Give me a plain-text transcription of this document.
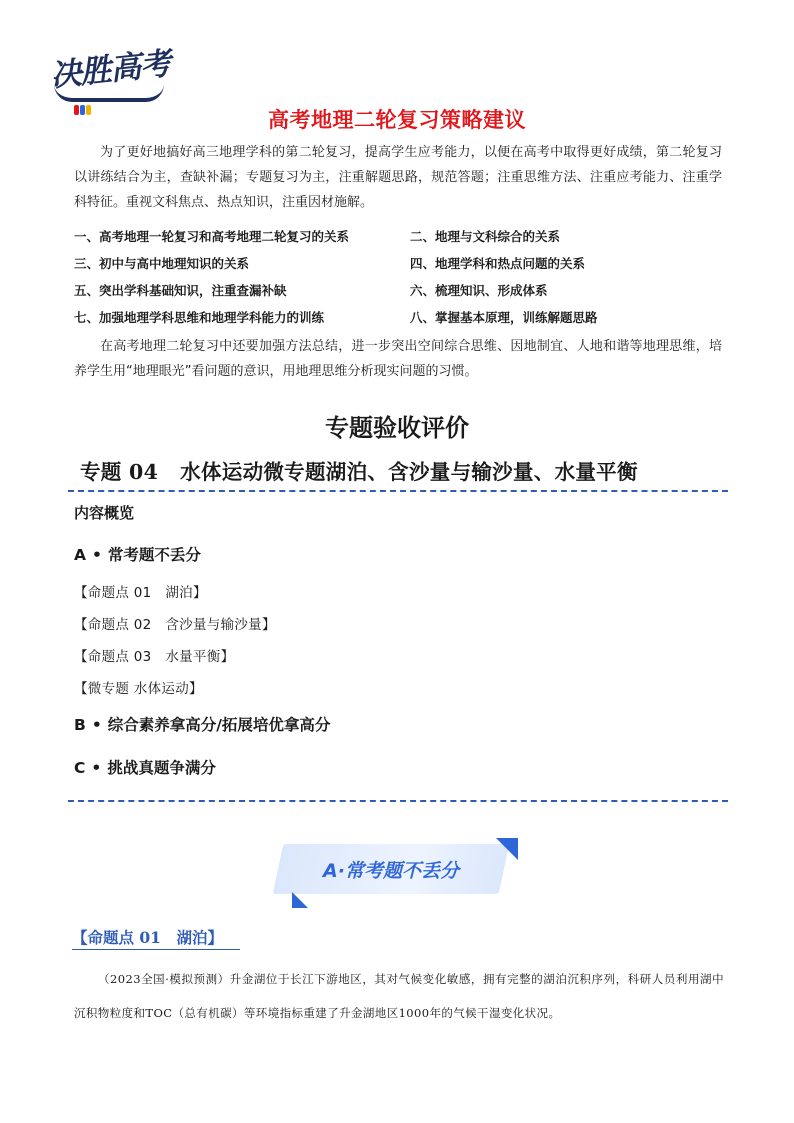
决胜高考
高考地理二轮复习策略建议
为了更好地搞好高三地理学科的第二轮复习，提高学生应考能力，以便在高考中取得更好成绩，第二轮复习以讲练结合为主，查缺补漏；专题复习为主，注重解题思路，规范答题；注重思维方法、注重应考能力、注重学科特征。重视文科焦点、热点知识，注重因材施解。
一、高考地理一轮复习和高考地理二轮复习的关系	二、地理与文科综合的关系
三、初中与高中地理知识的关系	四、地理学科和热点问题的关系
五、突出学科基础知识，注重查漏补缺	六、梳理知识、形成体系
七、加强地理学科思维和地理学科能力的训练	八、掌握基本原理，训练解题思路
在高考地理二轮复习中还要加强方法总结，进一步突出空间综合思维、因地制宜、人地和谐等地理思维，培养学生用“地理眼光”看问题的意识，用地理思维分析现实问题的习惯。
专题验收评价
专题 04 水体运动微专题湖泊、含沙量与输沙量、水量平衡
内容概览
A • 常考题不丢分
【命题点 01　湖泊】
【命题点 02　含沙量与输沙量】
【命题点 03　水量平衡】
【微专题 水体运动】
B • 综合素养拿高分/拓展培优拿高分
C • 挑战真题争满分
A·常考题不丢分
【命题点 01　湖泊】
（2023全国·模拟预测）升金湖位于长江下游地区，其对气候变化敏感，拥有完整的湖泊沉积序列，科研人员利用湖中沉积物粒度和TOC（总有机碳）等环境指标重建了升金湖地区1000年的气候干湿变化状况。
